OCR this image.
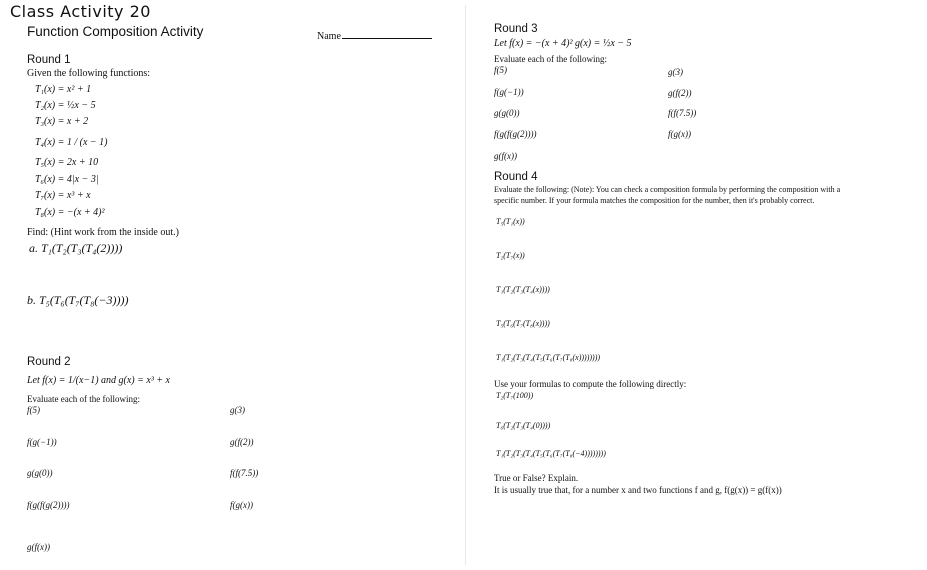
Class Activity 20
Function Composition Activity	Name
Round 1
Given the following functions:
T₁(x) = x² + 1
T₂(x) = ½x − 5
T₃(x) = x + 2
T₄(x) = 1 / (x − 1)
T₅(x) = 2x + 10
T₆(x) = 4|x − 3|
T₇(x) = x³ + x
T₈(x) = −(x + 4)²
Find: (Hint work from the inside out.)
a. T₁(T₂(T₃(T₄(2))))
b. T₅(T₆(T₇(T₈(−3))))
Round 2
Let f(x) = 1/(x−1) and g(x) = x³ + x
Evaluate each of the following:
f(5)
f(g(−1))
g(g(0))
f(g(f(g(2))))
g(f(x))
g(3)
g(f(2))
f(f(7.5))
f(g(x))
Round 3
Let f(x) = −(x + 4)² g(x) = ½x − 5
Evaluate each of the following:
f(5)
f(g(−1))
g(g(0))
f(g(f(g(2))))
g(f(x))
g(3)
g(f(2))
f(f(7.5))
f(g(x))
Round 4
Evaluate the following: (Note): You can check a composition formula by performing the composition with a
specific number. If your formula matches the composition for the number, then it's probably correct.
T₅(T₁(x))
T₂(T₇(x))
T₁(T₂(T₃(T₄(x))))
T₅(T₆(T₇(T₈(x))))
T₁(T₂(T₃(T₄(T₅(T₆(T₇(T₈(x))))))))
Use your formulas to compute the following directly:
T₂(T₇(100))
T₆(T₂(T₃(T₄(0))))
T₁(T₂(T₃(T₄(T₅(T₆(T₇(T₈(−4))))))))
True or False? Explain.
It is usually true that, for a number x and two functions f and g, f(g(x)) = g(f(x))
